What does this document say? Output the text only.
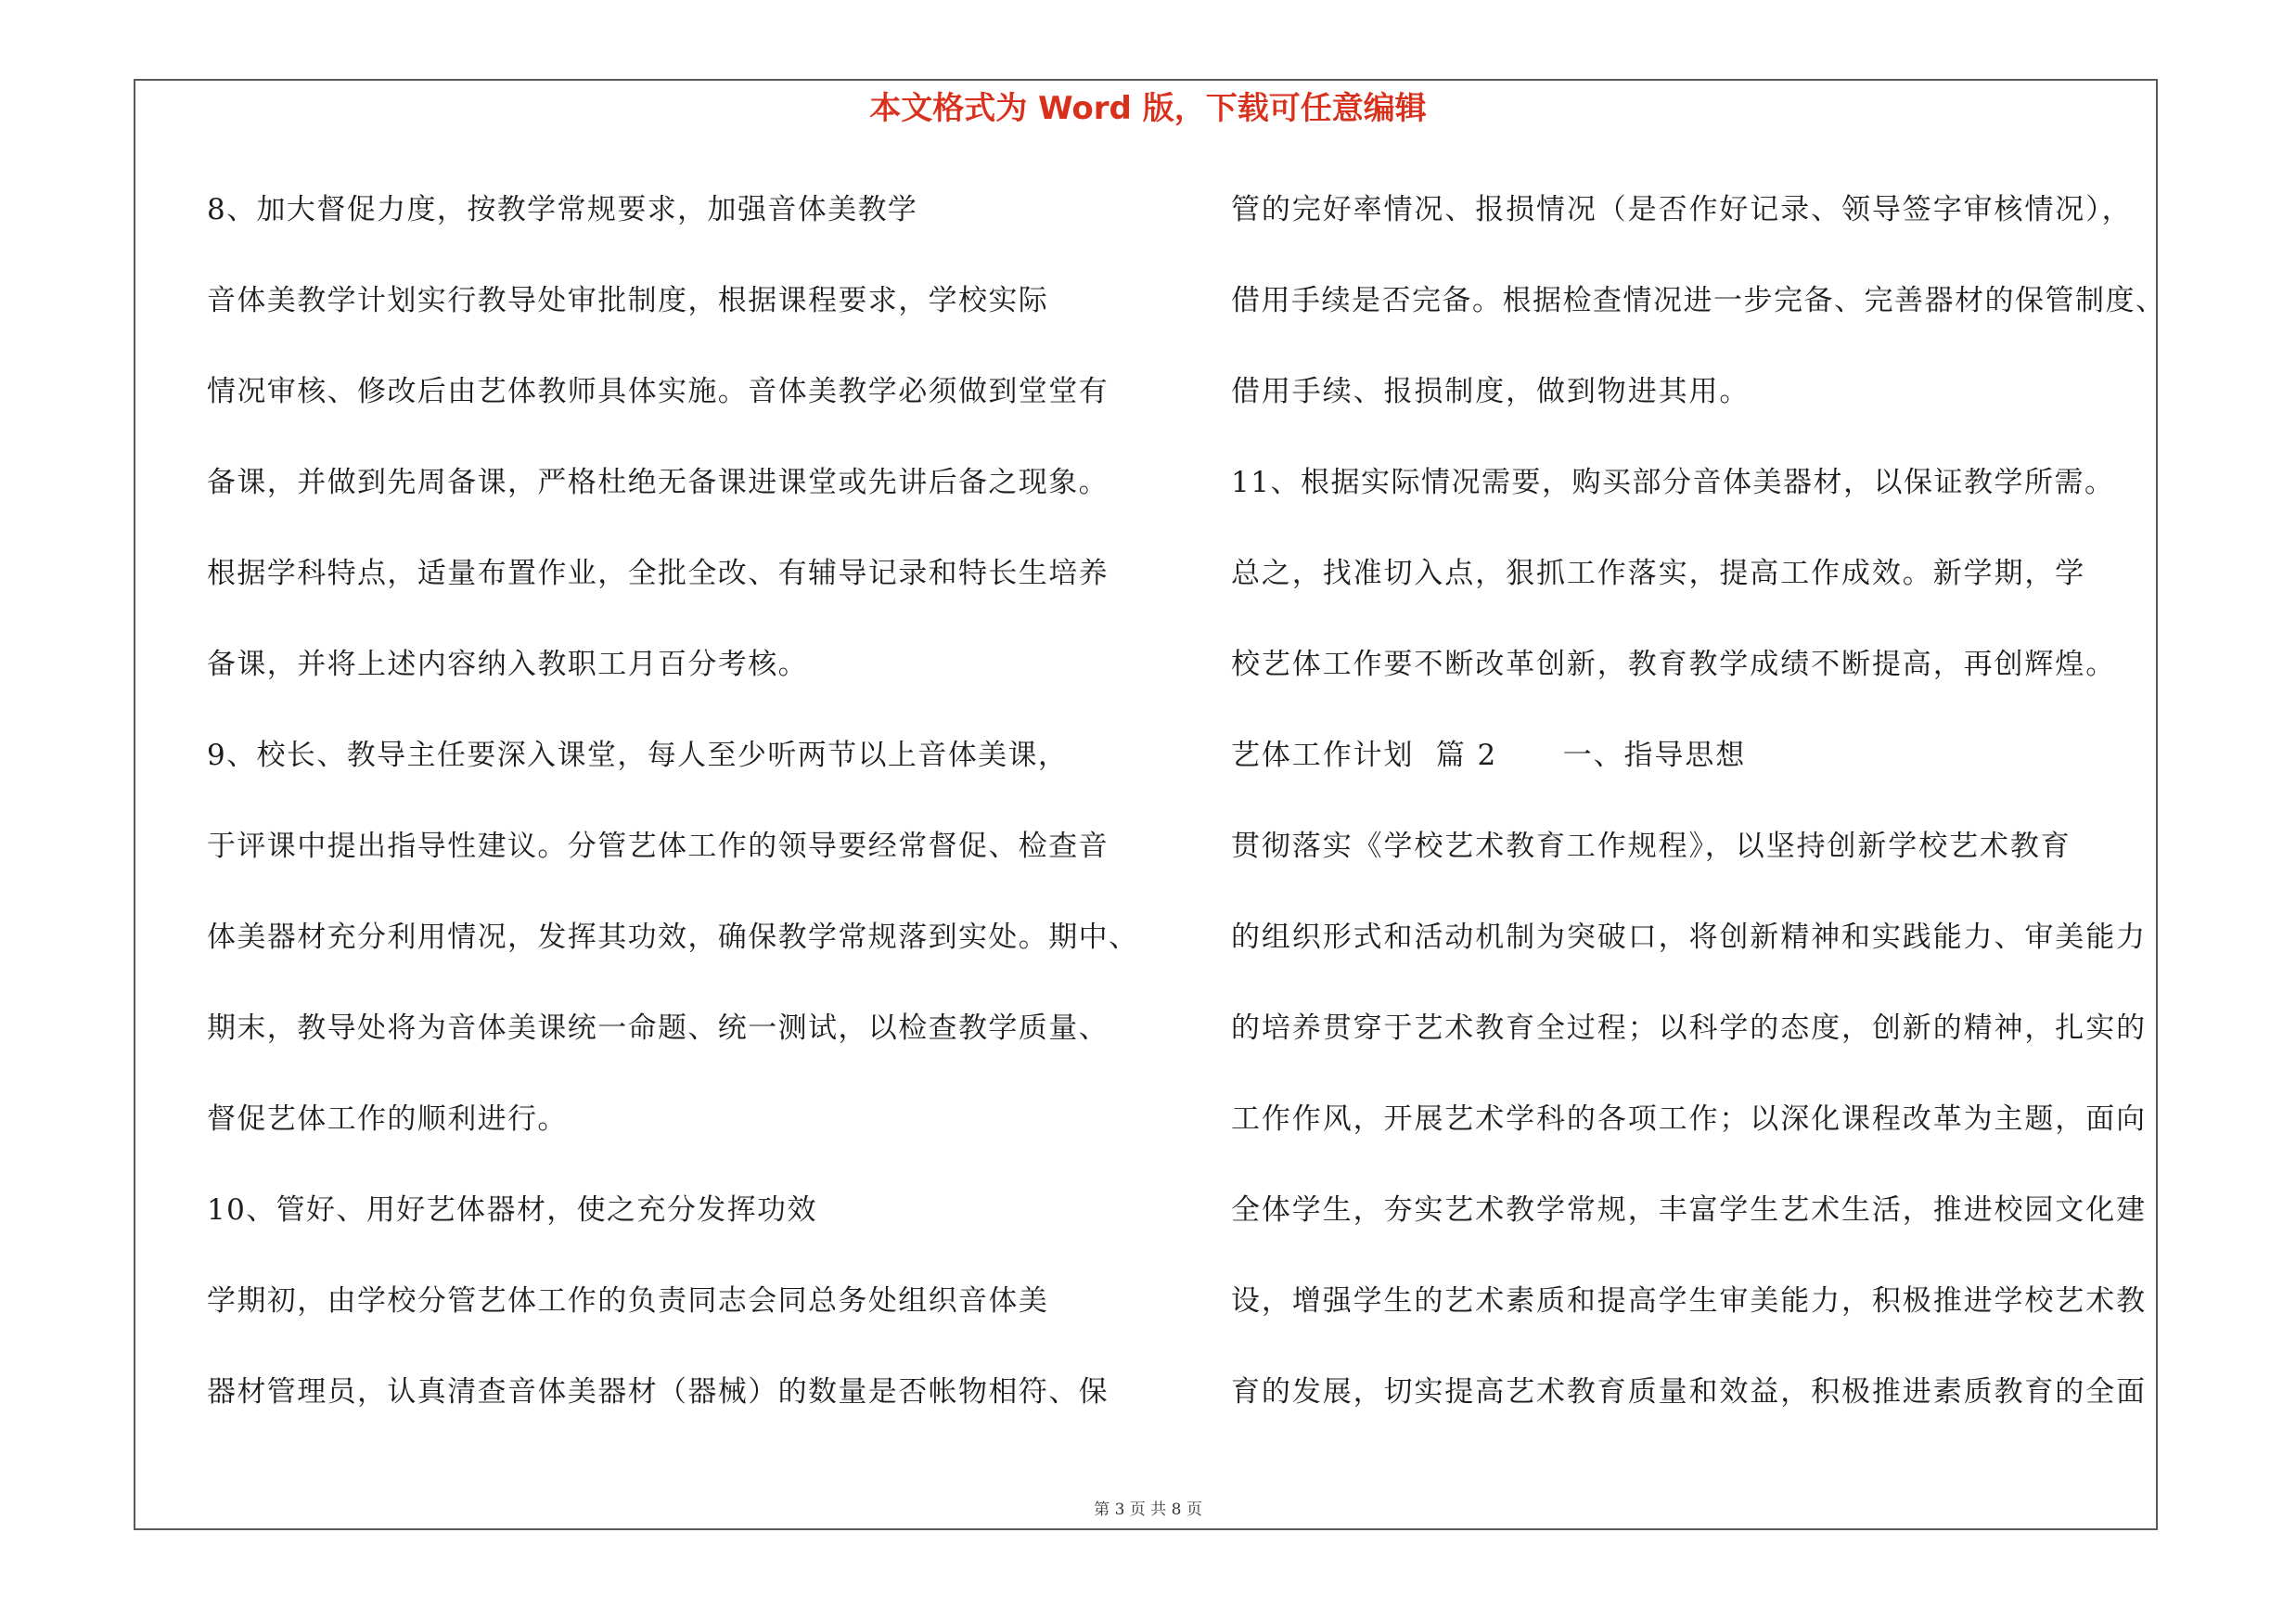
本文格式为 Word 版，下载可任意编辑

8、加大督促力度，按教学常规要求，加强音体美教学

音体美教学计划实行教导处审批制度，根据课程要求，学校实际

情况审核、修改后由艺体教师具体实施。音体美教学必须做到堂堂有

备课，并做到先周备课，严格杜绝无备课进课堂或先讲后备之现象。

根据学科特点，适量布置作业，全批全改、有辅导记录和特长生培养

备课，并将上述内容纳入教职工月百分考核。

9、校长、教导主任要深入课堂，每人至少听两节以上音体美课，

于评课中提出指导性建议。分管艺体工作的领导要经常督促、检查音

体美器材充分利用情况，发挥其功效，确保教学常规落到实处。期中、

期末，教导处将为音体美课统一命题、统一测试，以检查教学质量、

督促艺体工作的顺利进行。

10、管好、用好艺体器材，使之充分发挥功效

学期初，由学校分管艺体工作的负责同志会同总务处组织音体美

器材管理员，认真清查音体美器材（器械）的数量是否帐物相符、保

管的完好率情况、报损情况（是否作好记录、领导签字审核情况），

借用手续是否完备。根据检查情况进一步完备、完善器材的保管制度、

借用手续、报损制度，做到物进其用。

11、根据实际情况需要，购买部分音体美器材，以保证教学所需。

总之，找准切入点，狠抓工作落实，提高工作成效。新学期，学

校艺体工作要不断改革创新，教育教学成绩不断提高，再创辉煌。

艺体工作计划  篇 2      一、指导思想

贯彻落实《学校艺术教育工作规程》，以坚持创新学校艺术教育

的组织形式和活动机制为突破口，将创新精神和实践能力、审美能力

的培养贯穿于艺术教育全过程；以科学的态度，创新的精神，扎实的

工作作风，开展艺术学科的各项工作；以深化课程改革为主题，面向

全体学生，夯实艺术教学常规，丰富学生艺术生活，推进校园文化建

设，增强学生的艺术素质和提高学生审美能力，积极推进学校艺术教

育的发展，切实提高艺术教育质量和效益，积极推进素质教育的全面

第 3 页 共 8 页
